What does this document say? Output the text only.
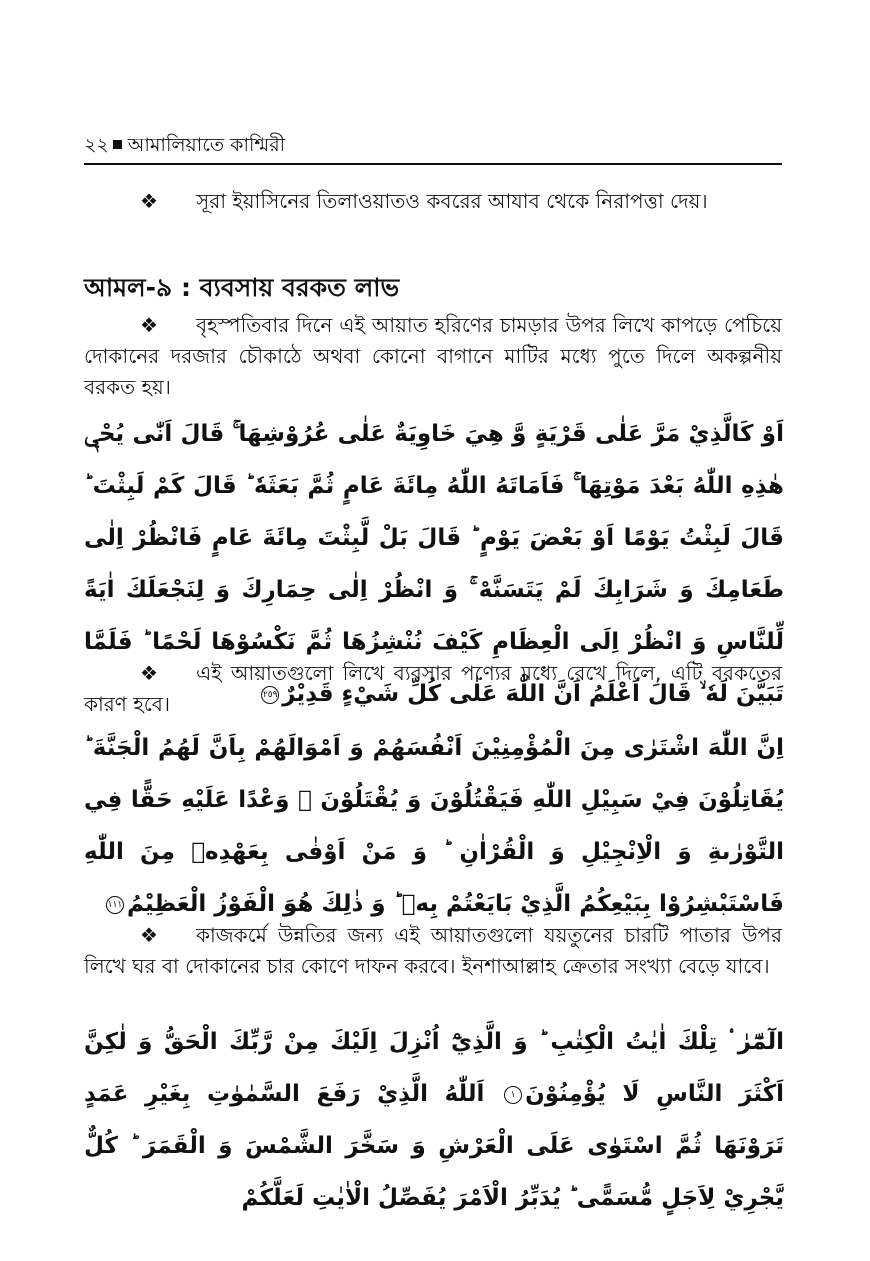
২২ আমালিয়াতে কাশ্মিরী

❖ সূরা ইয়াসিনের তিলাওয়াতও কবরের আযাব থেকে নিরাপত্তা দেয়।

আমল-৯ : ব্যবসায় বরকত লাভ

❖ বৃহস্পতিবার দিনে এই আয়াত হরিণের চামড়ার উপর লিখে কাপড়ে পেচিয়ে দোকানের দরজার চৌকাঠে অথবা কোনো বাগানে মাটির মধ্যে পুতে দিলে অকল্পনীয় বরকত হয়।

اَوْ كَالَّذِيْ مَرَّ عَلٰى قَرْيَةٍ وَّ هِيَ خَاوِيَةٌ عَلٰى عُرُوْشِهَا ۚ قَالَ اَنّٰى يُحْيٖ هٰذِهِ اللّٰهُ بَعْدَ مَوْتِهَا ۚ فَاَمَاتَهُ اللّٰهُ مِائَةَ عَامٍ ثُمَّ بَعَثَهٗ ؕ قَالَ كَمْ لَبِثْتَ ؕ قَالَ لَبِثْتُ يَوْمًا اَوْ بَعْضَ يَوْمٍ ؕ قَالَ بَلْ لَّبِثْتَ مِائَةَ عَامٍ فَانْظُرْ اِلٰى طَعَامِكَ وَ شَرَابِكَ لَمْ يَتَسَنَّهْ ۚ وَ انْظُرْ اِلٰى حِمَارِكَ وَ لِنَجْعَلَكَ اٰيَةً لِّلنَّاسِ وَ انْظُرْ اِلَى الْعِظَامِ كَيْفَ نُنْشِزُهَا ثُمَّ نَكْسُوْهَا لَحْمًا ؕ فَلَمَّا تَبَيَّنَ لَهٗ ۙ قَالَ اَعْلَمُ اَنَّ اللّٰهَ عَلٰى كُلِّ شَيْءٍ قَدِيْرٌ٢٥٩

❖ এই আয়াতগুলো লিখে ব্যবসার পণ্যের মধ্যে রেখে দিলে, এটি বরকতের কারণ হবে।

اِنَّ اللّٰهَ اشْتَرٰى مِنَ الْمُؤْمِنِيْنَ اَنْفُسَهُمْ وَ اَمْوَالَهُمْ بِاَنَّ لَهُمُ الْجَنَّةَ ؕ يُقَاتِلُوْنَ فِيْ سَبِيْلِ اللّٰهِ فَيَقْتُلُوْنَ وَ يُقْتَلُوْنَ ۟ وَعْدًا عَلَيْهِ حَقًّا فِي التَّوْرٰىةِ وَ الْاِنْجِيْلِ وَ الْقُرْاٰنِ ؕ وَ مَنْ اَوْفٰى بِعَهْدِهٖ مِنَ اللّٰهِ فَاسْتَبْشِرُوْا بِبَيْعِكُمُ الَّذِيْ بَايَعْتُمْ بِهٖ ؕ وَ ذٰلِكَ هُوَ الْفَوْزُ الْعَظِيْمُ١١١

❖ কাজকর্মে উন্নতির জন্য এই আয়াতগুলো যয়তুনের চারটি পাতার উপর লিখে ঘর বা দোকানের চার কোণে দাফন করবে। ইনশাআল্লাহ ক্রেতার সংখ্যা বেড়ে যাবে।

الٓمّٓرٰ ۟ تِلْكَ اٰيٰتُ الْكِتٰبِ ؕ وَ الَّذِيْٓ اُنْزِلَ اِلَيْكَ مِنْ رَّبِّكَ الْحَقُّ وَ لٰكِنَّ اَكْثَرَ النَّاسِ لَا يُؤْمِنُوْنَ١ اَللّٰهُ الَّذِيْ رَفَعَ السَّمٰوٰتِ بِغَيْرِ عَمَدٍ تَرَوْنَهَا ثُمَّ اسْتَوٰى عَلَى الْعَرْشِ وَ سَخَّرَ الشَّمْسَ وَ الْقَمَرَ ؕ كُلٌّ يَّجْرِيْ لِاَجَلٍ مُّسَمًّى ؕ يُدَبِّرُ الْاَمْرَ يُفَصِّلُ الْاٰيٰتِ لَعَلَّكُمْ
